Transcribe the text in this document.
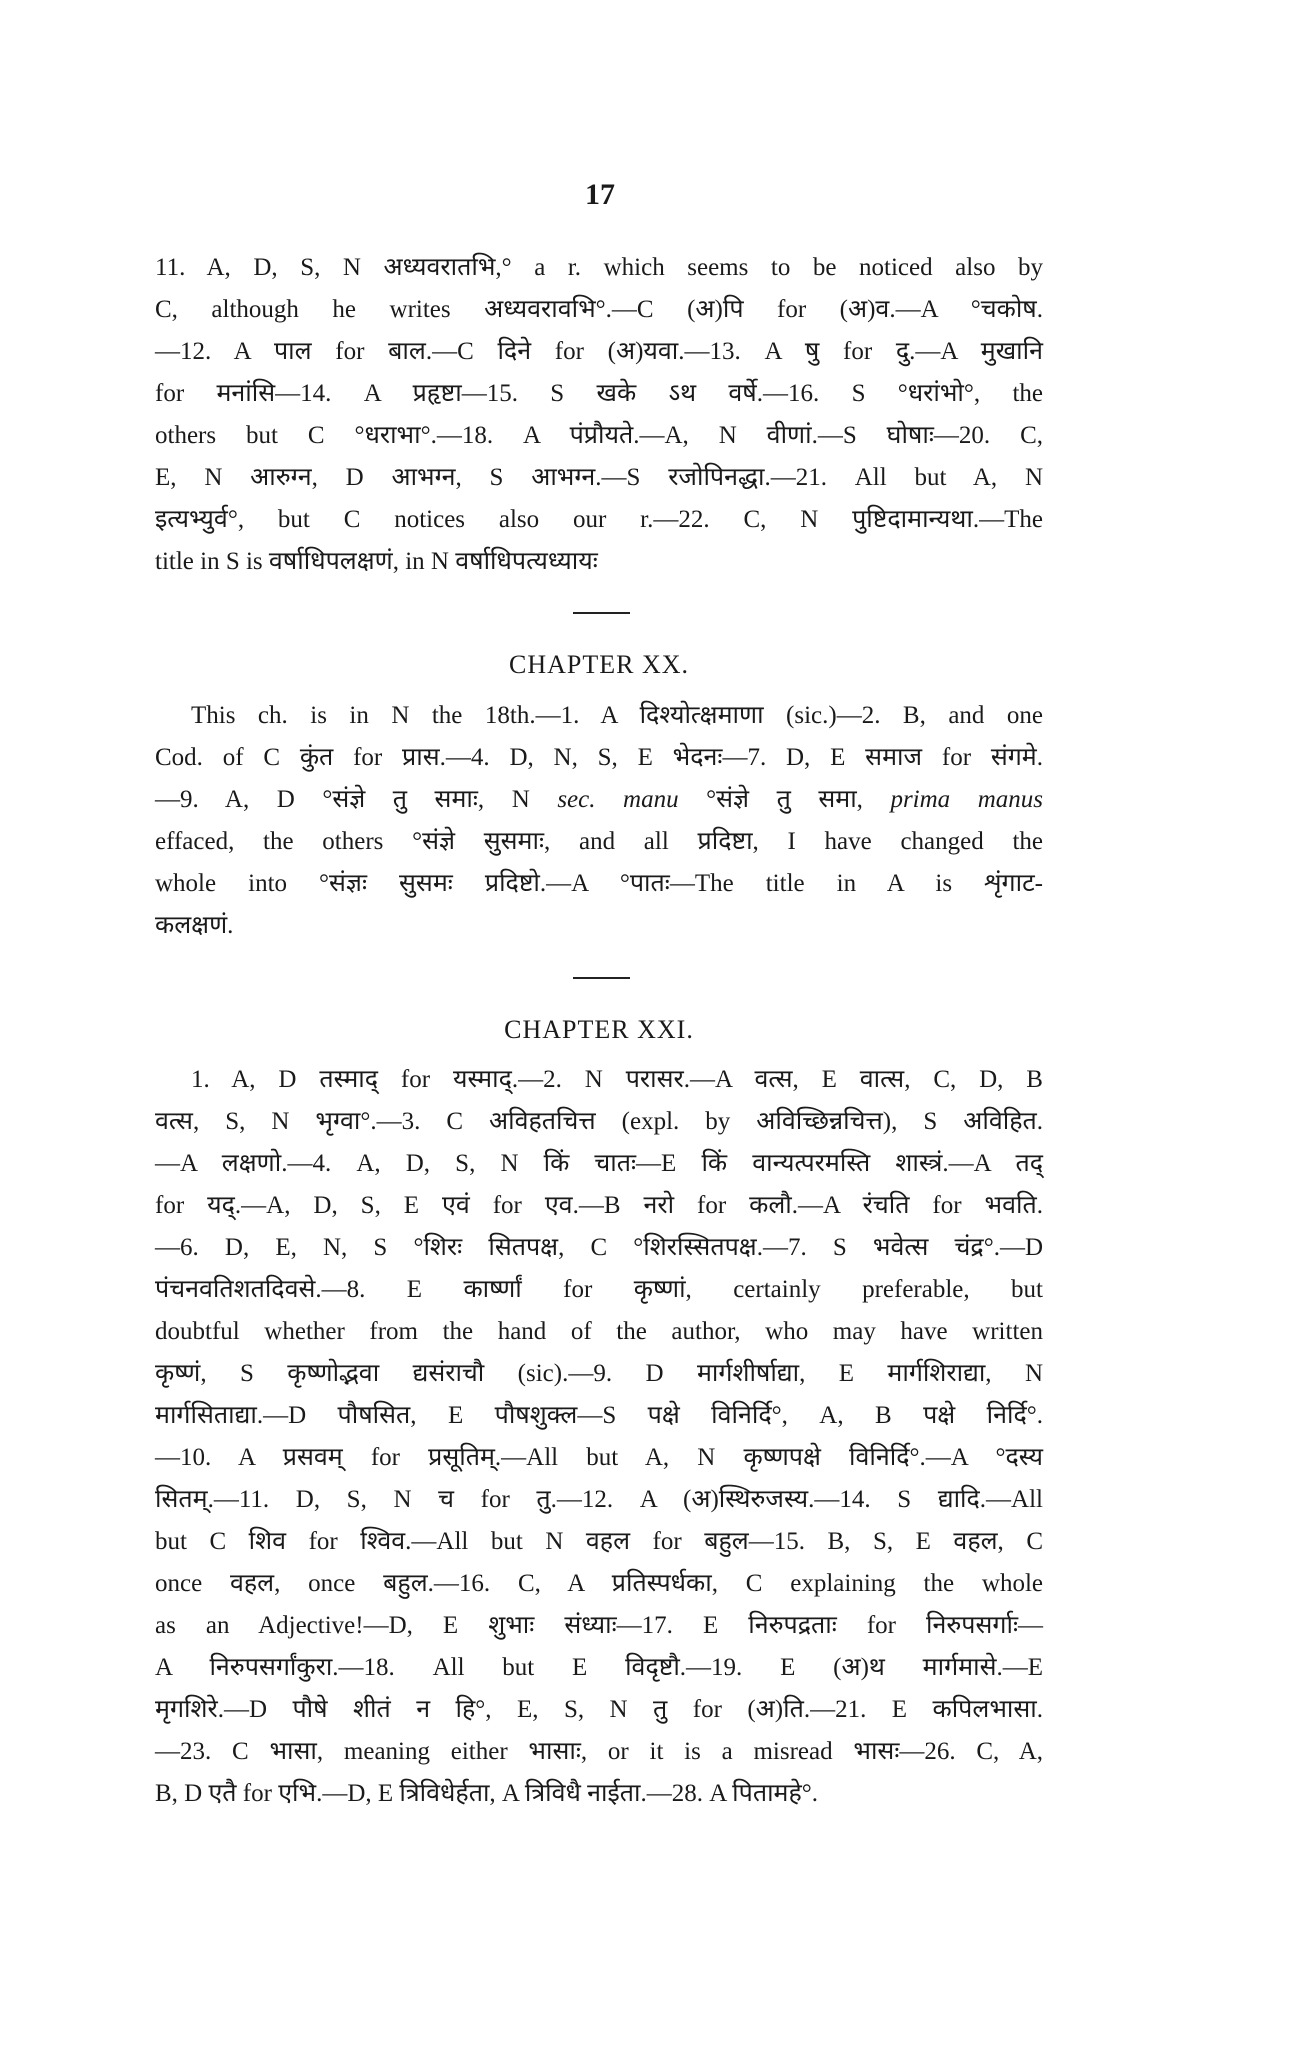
17
11. A, D, S, N अध्यवरातभि,° a r. which seems to be noticed also by
C, although he writes अध्यवरावभि°.—C (अ)पि for (अ)व.—A °चकोष.
—12. A पाल for बाल.—C दिने for (अ)यवा.—13. A षु for दु.—A मुखानि
for मनांसि—14. A प्रहृष्टा—15. S खके ऽथ वर्षे.—16. S °धरांभो°, the
others but C °धराभा°.—18. A पंप्रौयते.—A, N वीणां.—S घोषाः—20. C,
E, N आरुग्न, D आभग्न, S आभग्न.—S रजोपिनद्धा.—21. All but A, N
इत्यभ्युर्व°, but C notices also our r.—22. C, N पुष्टिदामान्यथा.—The
title in S is वर्षाधिपलक्षणं, in N वर्षाधिपत्यध्यायः
CHAPTER XX.
This ch. is in N the 18th.—1. A दिश्योत्क्षमाणा (sic.)—2. B, and one
Cod. of C कुंत for प्रास.—4. D, N, S, E भेदनः—7. D, E समाज for संगमे.
—9. A, D °संज्ञे तु समाः, N sec. manu °संज्ञे तु समा, prima manus
effaced, the others °संज्ञे सुसमाः, and all प्रदिष्टा, I have changed the
whole into °संज्ञः सुसमः प्रदिष्टो.—A °पातः—The title in A is शृंगाट-
कलक्षणं.
CHAPTER XXI.
1. A, D तस्माद् for यस्माद्.—2. N परासर.—A वत्स, E वात्स, C, D, B
वत्स, S, N भृग्वा°.—3. C अविहतचित्त (expl. by अविच्छिन्नचित्त), S अविहित.
—A लक्षणो.—4. A, D, S, N किं चातः—E किं वान्यत्परमस्ति शास्त्रं.—A तद्
for यद्.—A, D, S, E एवं for एव.—B नरो for कलौ.—A रंचति for भवति.
—6. D, E, N, S °शिरः सितपक्ष, C °शिरस्सितपक्ष.—7. S भवेत्स चंद्र°.—D
पंचनवतिशतदिवसे.—8. E कार्ष्णां for कृष्णां, certainly preferable, but
doubtful whether from the hand of the author, who may have written
कृष्णं, S कृष्णोद्भवा द्यसंराचौ (sic).—9. D मार्गशीर्षाद्या, E मार्गशिराद्या, N
मार्गसिताद्या.—D पौषसित, E पौषशुक्ल—S पक्षे विनिर्दि°, A, B पक्षे निर्दि°.
—10. A प्रसवम् for प्रसूतिम्.—All but A, N कृष्णपक्षे विनिर्दि°.—A °दस्य
सितम्.—11. D, S, N च for तु.—12. A (अ)स्थिरुजस्य.—14. S द्यादि.—All
but C शिव for श्विव.—All but N वहल for बहुल—15. B, S, E वहल, C
once वहल, once बहुल.—16. C, A प्रतिस्पर्धका, C explaining the whole
as an Adjective!—D, E शुभाः संध्याः—17. E निरुपद्रताः for निरुपसर्गाः—
A निरुपसर्गांकुरा.—18. All but E विदृष्टौ.—19. E (अ)थ मार्गमासे.—E
मृगशिरे.—D पौषे शीतं न हि°, E, S, N तु for (अ)ति.—21. E कपिलभासा.
—23. C भासा, meaning either भासाः, or it is a misread भासः—26. C, A,
B, D एतै for एभि.—D, E त्रिविधेर्हता, A त्रिविधै नाईता.—28. A पितामहे°.
